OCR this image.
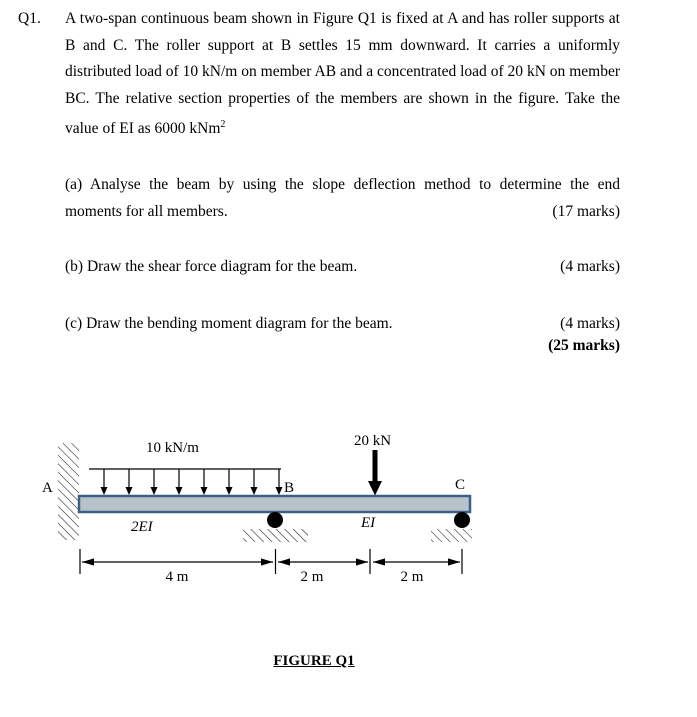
Q1. A two-span continuous beam shown in Figure Q1 is fixed at A and has roller supports at B and C. The roller support at B settles 15 mm downward. It carries a uniformly distributed load of 10 kN/m on member AB and a concentrated load of 20 kN on member BC. The relative section properties of the members are shown in the figure. Take the value of EI as 6000 kNm$^2$
(a) Analyse the beam by using the slope deflection method to determine the end moments for all members.	(17 marks)
(b) Draw the shear force diagram for the beam.	(4 marks)
(c) Draw the bending moment diagram for the beam.	(4 marks)
(25 marks)
A	B	C
10 kN/m	20 kN
2EI	EI
4 m	2 m	2 m
FIGURE Q1
